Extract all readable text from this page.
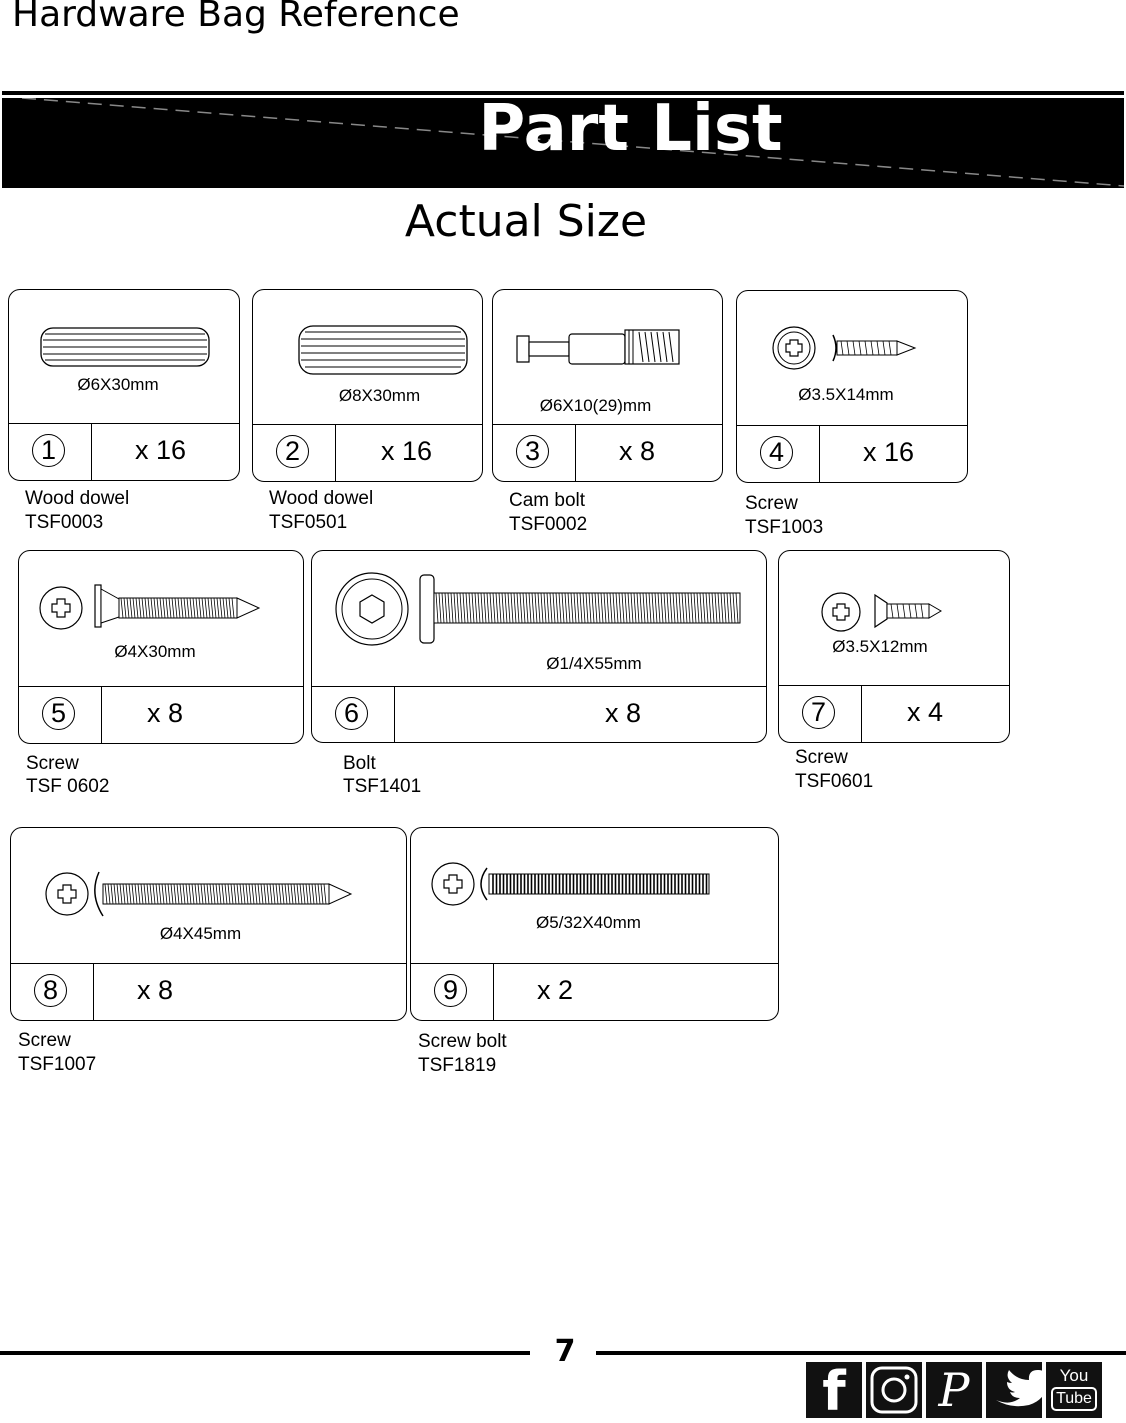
Hardware Bag Reference
Part List
Actual Size
Ø6X30mm
1	x 16
Wood dowel
TSF0003
Ø8X30mm
2	x 16
Wood dowel
TSF0501
Ø6X10(29)mm
3	x 8
Cam bolt
TSF0002
Ø3.5X14mm
4	x 16
Screw
TSF1003
Ø4X30mm
5	x 8
Screw
TSF 0602
Ø1/4X55mm
6	x 8
Bolt
TSF1401
Ø3.5X12mm
7	x 4
Screw
TSF0601
Ø4X45mm
8	x 8
Screw
TSF1007
Ø5/32X40mm
9	x 2
Screw bolt
TSF1819
7
f	P	You
Tube
